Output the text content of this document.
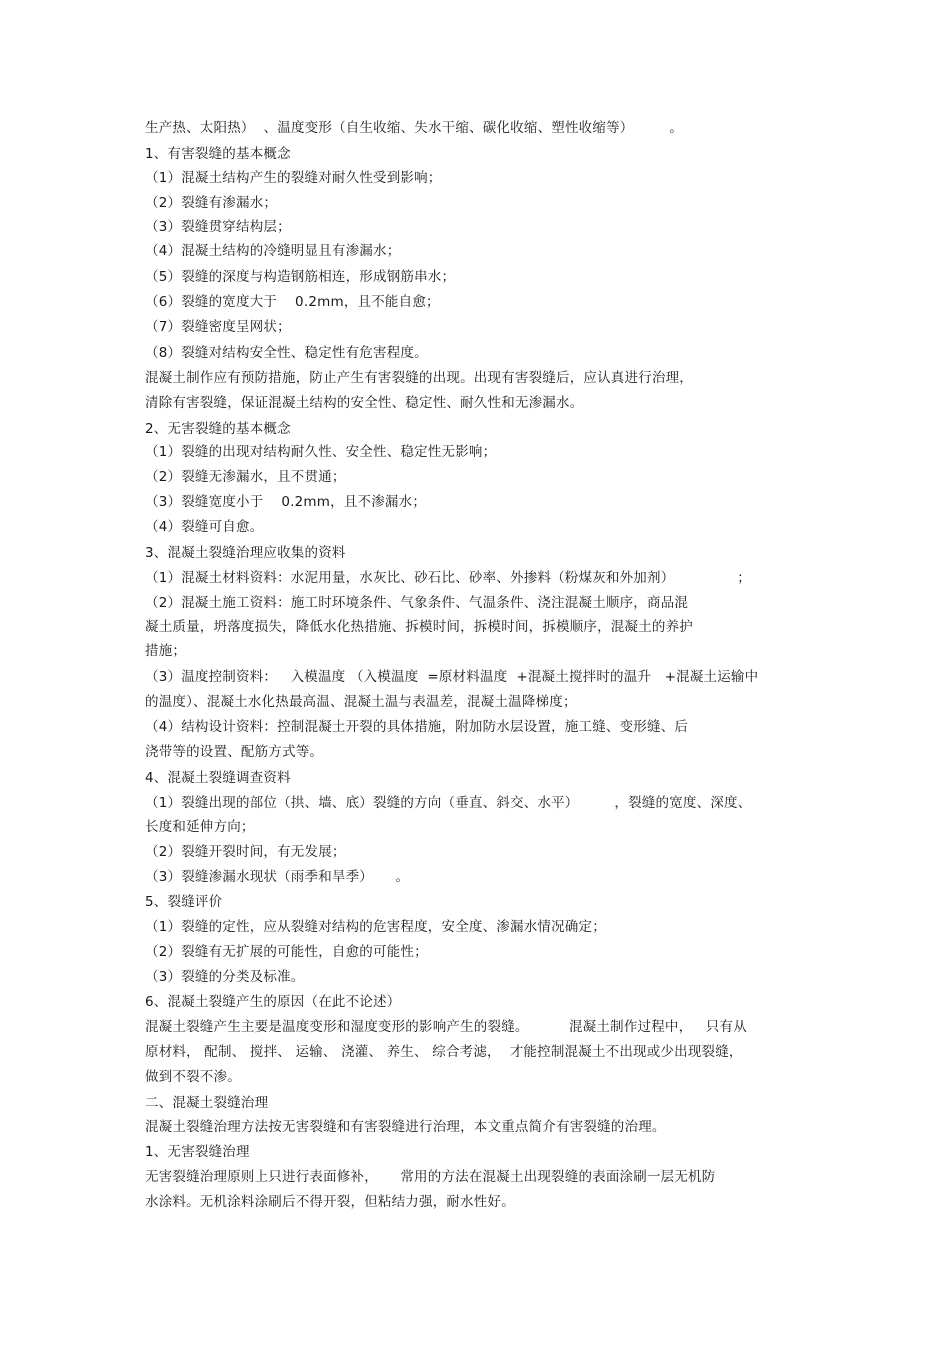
生产热、太阳热）  、温度变形（自生收缩、失水干缩、碳化收缩、塑性收缩等）        。
1、有害裂缝的基本概念
（1）混凝土结构产生的裂缝对耐久性受到影响；
（2）裂缝有渗漏水；
（3）裂缝贯穿结构层；
（4）混凝土结构的冷缝明显且有渗漏水；
（5）裂缝的深度与构造钢筋相连，形成钢筋串水；
（6）裂缝的宽度大于    0.2mm，且不能自愈；
（7）裂缝密度呈网状；
（8）裂缝对结构安全性、稳定性有危害程度。
混凝土制作应有预防措施，防止产生有害裂缝的出现。出现有害裂缝后，应认真进行治理，
清除有害裂缝，保证混凝土结构的安全性、稳定性、耐久性和无渗漏水。
2、无害裂缝的基本概念
（1）裂缝的出现对结构耐久性、安全性、稳定性无影响；
（2）裂缝无渗漏水，且不贯通；
（3）裂缝宽度小于    0.2mm，且不渗漏水；
（4）裂缝可自愈。
3、混凝土裂缝治理应收集的资料
（1）混凝土材料资料：水泥用量，水灰比、砂石比、砂率、外掺料（粉煤灰和外加剂）              ；
（2）混凝土施工资料：施工时环境条件、气象条件、气温条件、浇注混凝土顺序，商品混
凝土质量，坍落度损失，降低水化热措施、拆模时间，拆模时间，拆模顺序，混凝土的养护
措施；
（3）温度控制资料：   入模温度 （入模温度  =原材料温度  +混凝土搅拌时的温升   +混凝土运输中
的温度）、混凝土水化热最高温、混凝土温与表温差，混凝土温降梯度；
（4）结构设计资料：控制混凝土开裂的具体措施，附加防水层设置，施工缝、变形缝、后
浇带等的设置、配筋方式等。
4、混凝土裂缝调查资料
（1）裂缝出现的部位（拱、墙、底）裂缝的方向（垂直、斜交、水平）        ，裂缝的宽度、深度、
长度和延伸方向；
（2）裂缝开裂时间，有无发展；
（3）裂缝渗漏水现状（雨季和旱季）     。
5、裂缝评价
（1）裂缝的定性，应从裂缝对结构的危害程度，安全度、渗漏水情况确定；
（2）裂缝有无扩展的可能性，自愈的可能性；
（3）裂缝的分类及标准。
6、混凝土裂缝产生的原因（在此不论述）
混凝土裂缝产生主要是温度变形和湿度变形的影响产生的裂缝。         混凝土制作过程中，   只有从
原材料， 配制、 搅拌、 运输、 浇灌、 养生、 综合考滤，  才能控制混凝土不出现或少出现裂缝，
做到不裂不渗。
二、混凝土裂缝治理
混凝土裂缝治理方法按无害裂缝和有害裂缝进行治理，本文重点简介有害裂缝的治理。
1、无害裂缝治理
无害裂缝治理原则上只进行表面修补，     常用的方法在混凝土出现裂缝的表面涂刷一层无机防
水涂料。无机涂料涂刷后不得开裂，但粘结力强，耐水性好。
